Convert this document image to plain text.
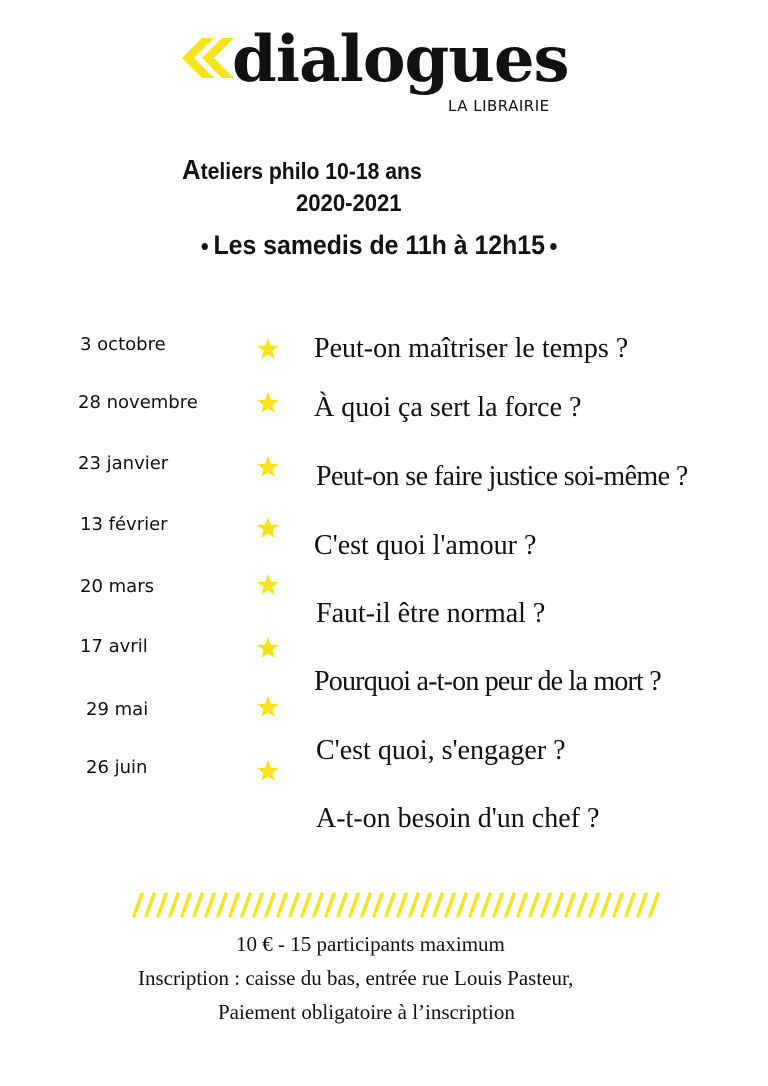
dialogues
LA LIBRAIRIE
Ateliers philo 10-18 ans
2020-2021
Les samedis de 11h à 12h15
3 octobre
28 novembre
23 janvier
13 février
20 mars
17 avril
29 mai
26 juin
Peut-on maîtriser le temps ?
À quoi ça sert la force ?
Peut-on se faire justice soi-même ?
C'est quoi l'amour ?
Faut-il être normal ?
Pourquoi a-t-on peur de la mort ?
C'est quoi, s'engager ?
A-t-on besoin d'un chef ?
10 € - 15 participants maximum
Inscription : caisse du bas, entrée rue Louis Pasteur,
Paiement obligatoire à l’inscription
